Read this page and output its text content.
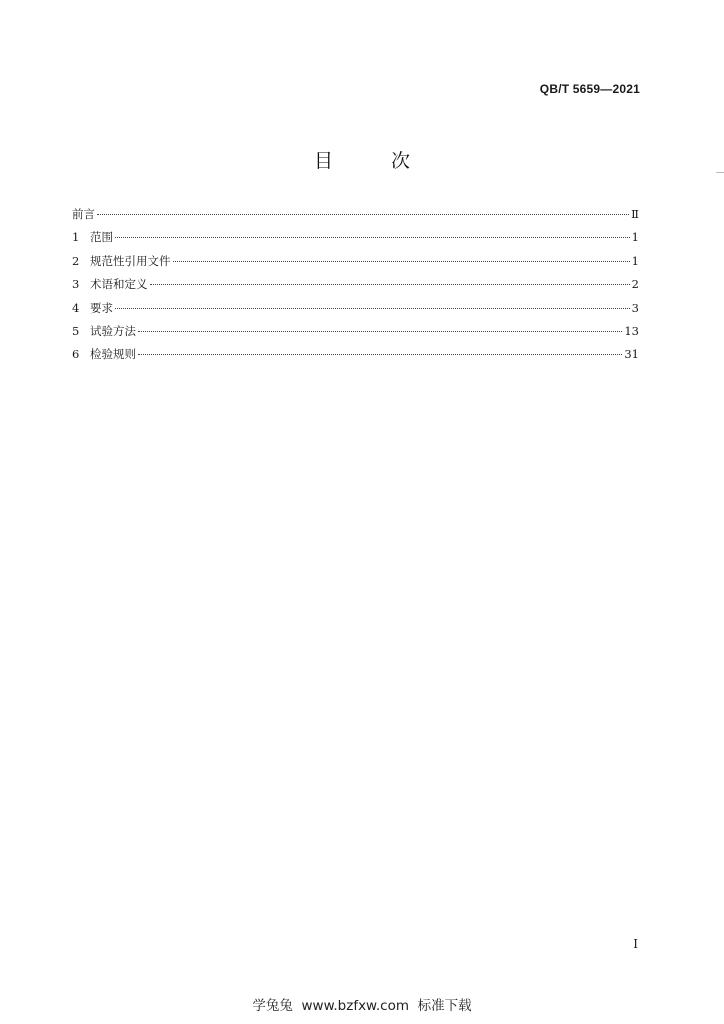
QB/T 5659—2021
目 次
前言	Ⅱ
1 范围	1
2 规范性引用文件	1
3 术语和定义	2
4 要求	3
5 试验方法	13
6 检验规则	31
I
学兔兔  www.bzfxw.com  标准下载
